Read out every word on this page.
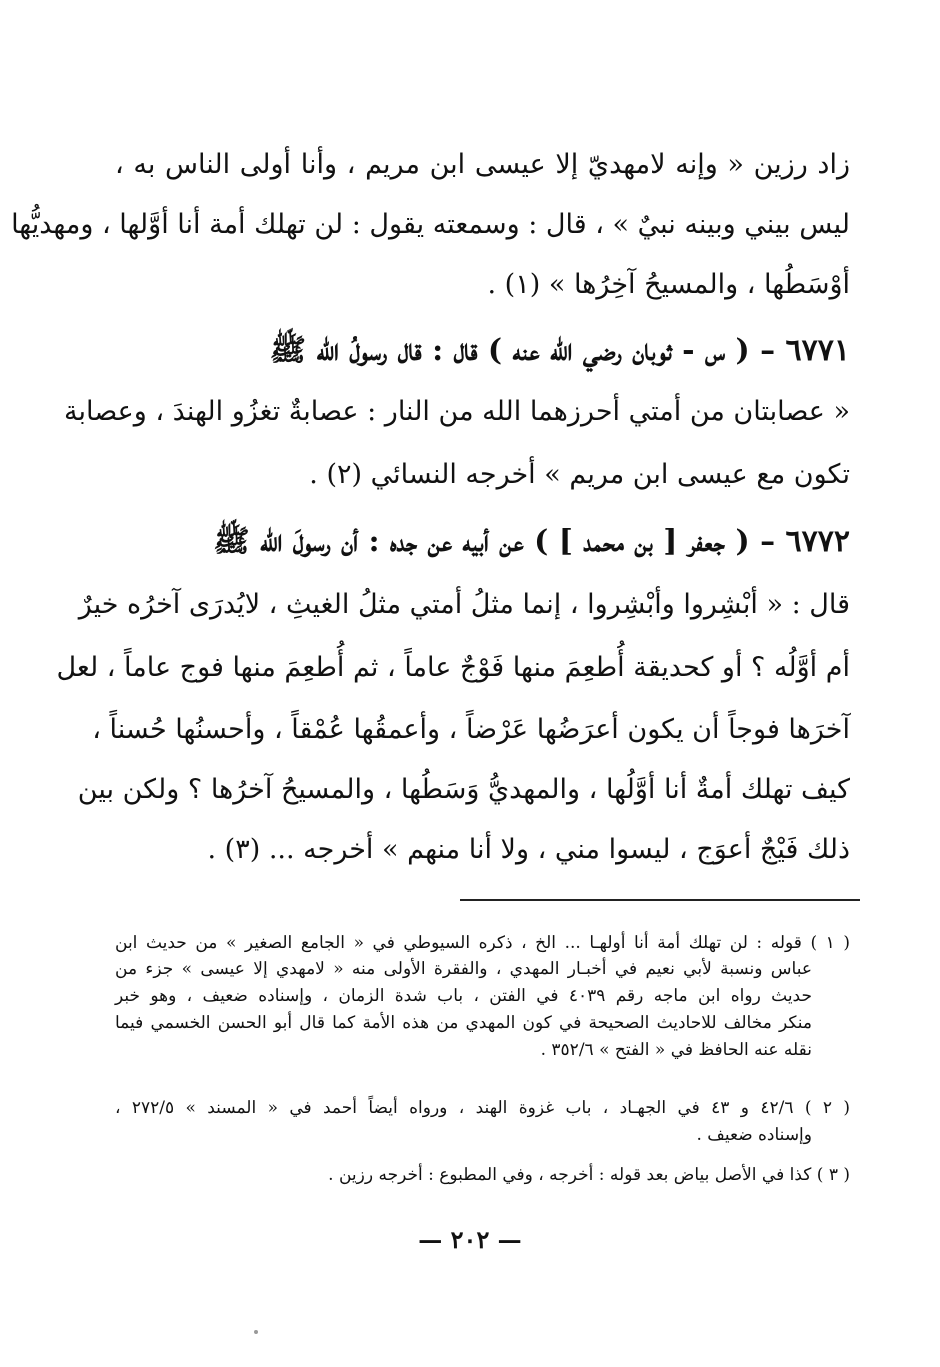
زاد رزين « وإنه لامهديّ إلا عيسى ابن مريم ، وأنا أولى الناس به ،
ليس بيني وبينه نبيٌ » ، قال : وسمعته يقول : لن تهلك أمة أنا أوَّلها ، ومهديُّها
أوْسَطُها ، والمسيحُ آخِرُها » (١) .
٦٧٧١ – ( س - ثوبان رضي الله عنه ) قال : قال رسولُ الله ﷺ
« عصابتان من أمتي أحرزهما الله من النار : عصابةٌ تغزُو الهندَ ، وعصابة
تكون مع عيسى ابن مريم » أخرجه النسائي (٢) .
٦٧٧٢ – ( جعفر [ بن محمد ] ) عن أبيه عن جده : أن رسولَ الله ﷺ
قال : « أبْشِروا وأبْشِروا ، إنما مثلُ أمتي مثلُ الغيثِ ، لايُدرَى آخرُه خيرٌ
أم أوَّلُه ؟ أو كحديقة أُطعِمَ منها فَوْجٌ عاماً ، ثم أُطعِمَ منها فوج عاماً ، لعل
آخرَها فوجاً أن يكون أعرَضُها عَرْضاً ، وأعمقُها عُمْقاً ، وأحسنُها حُسناً ،
كيف تهلك أمةٌ أنا أوَّلُها ، والمهديُّ وَسَطُها ، والمسيحُ آخرُها ؟ ولكن بين
ذلك فَيْجٌ أعوَج ، ليسوا مني ، ولا أنا منهم » أخرجه ... (٣) .
( ١ ) قوله : لن تهلك أمة أنا أولهـا ... الخ ، ذكره السيوطي في « الجامع الصغير » من حديث ابن
عباس ونسبة لأبي نعيم في أخبـار المهدي ، والفقرة الأولى منه « لامهدي إلا عيسى » جزء من
حديث رواه ابن ماجه رقم ٤٠٣٩ في الفتن ، باب شدة الزمان ، وإسناده ضعيف ، وهو خبر
منكر مخالف للاحاديث الصحيحة في كون المهدي من هذه الأمة كما قال أبو الحسن الخسمي فيما
نقله عنه الحافظ في « الفتح » ٣٥٢/٦ .
( ٢ ) ٤٢/٦ و ٤٣ في الجهـاد ، باب غزوة الهند ، ورواه أيضاً أحمد في « المسند » ٢٧٢/٥ ،
وإسناده ضعيف .
( ٣ ) كذا في الأصل بياض بعد قوله : أخرجه ، وفي المطبوع : أخرجه رزين .
— ٢٠٢ —
